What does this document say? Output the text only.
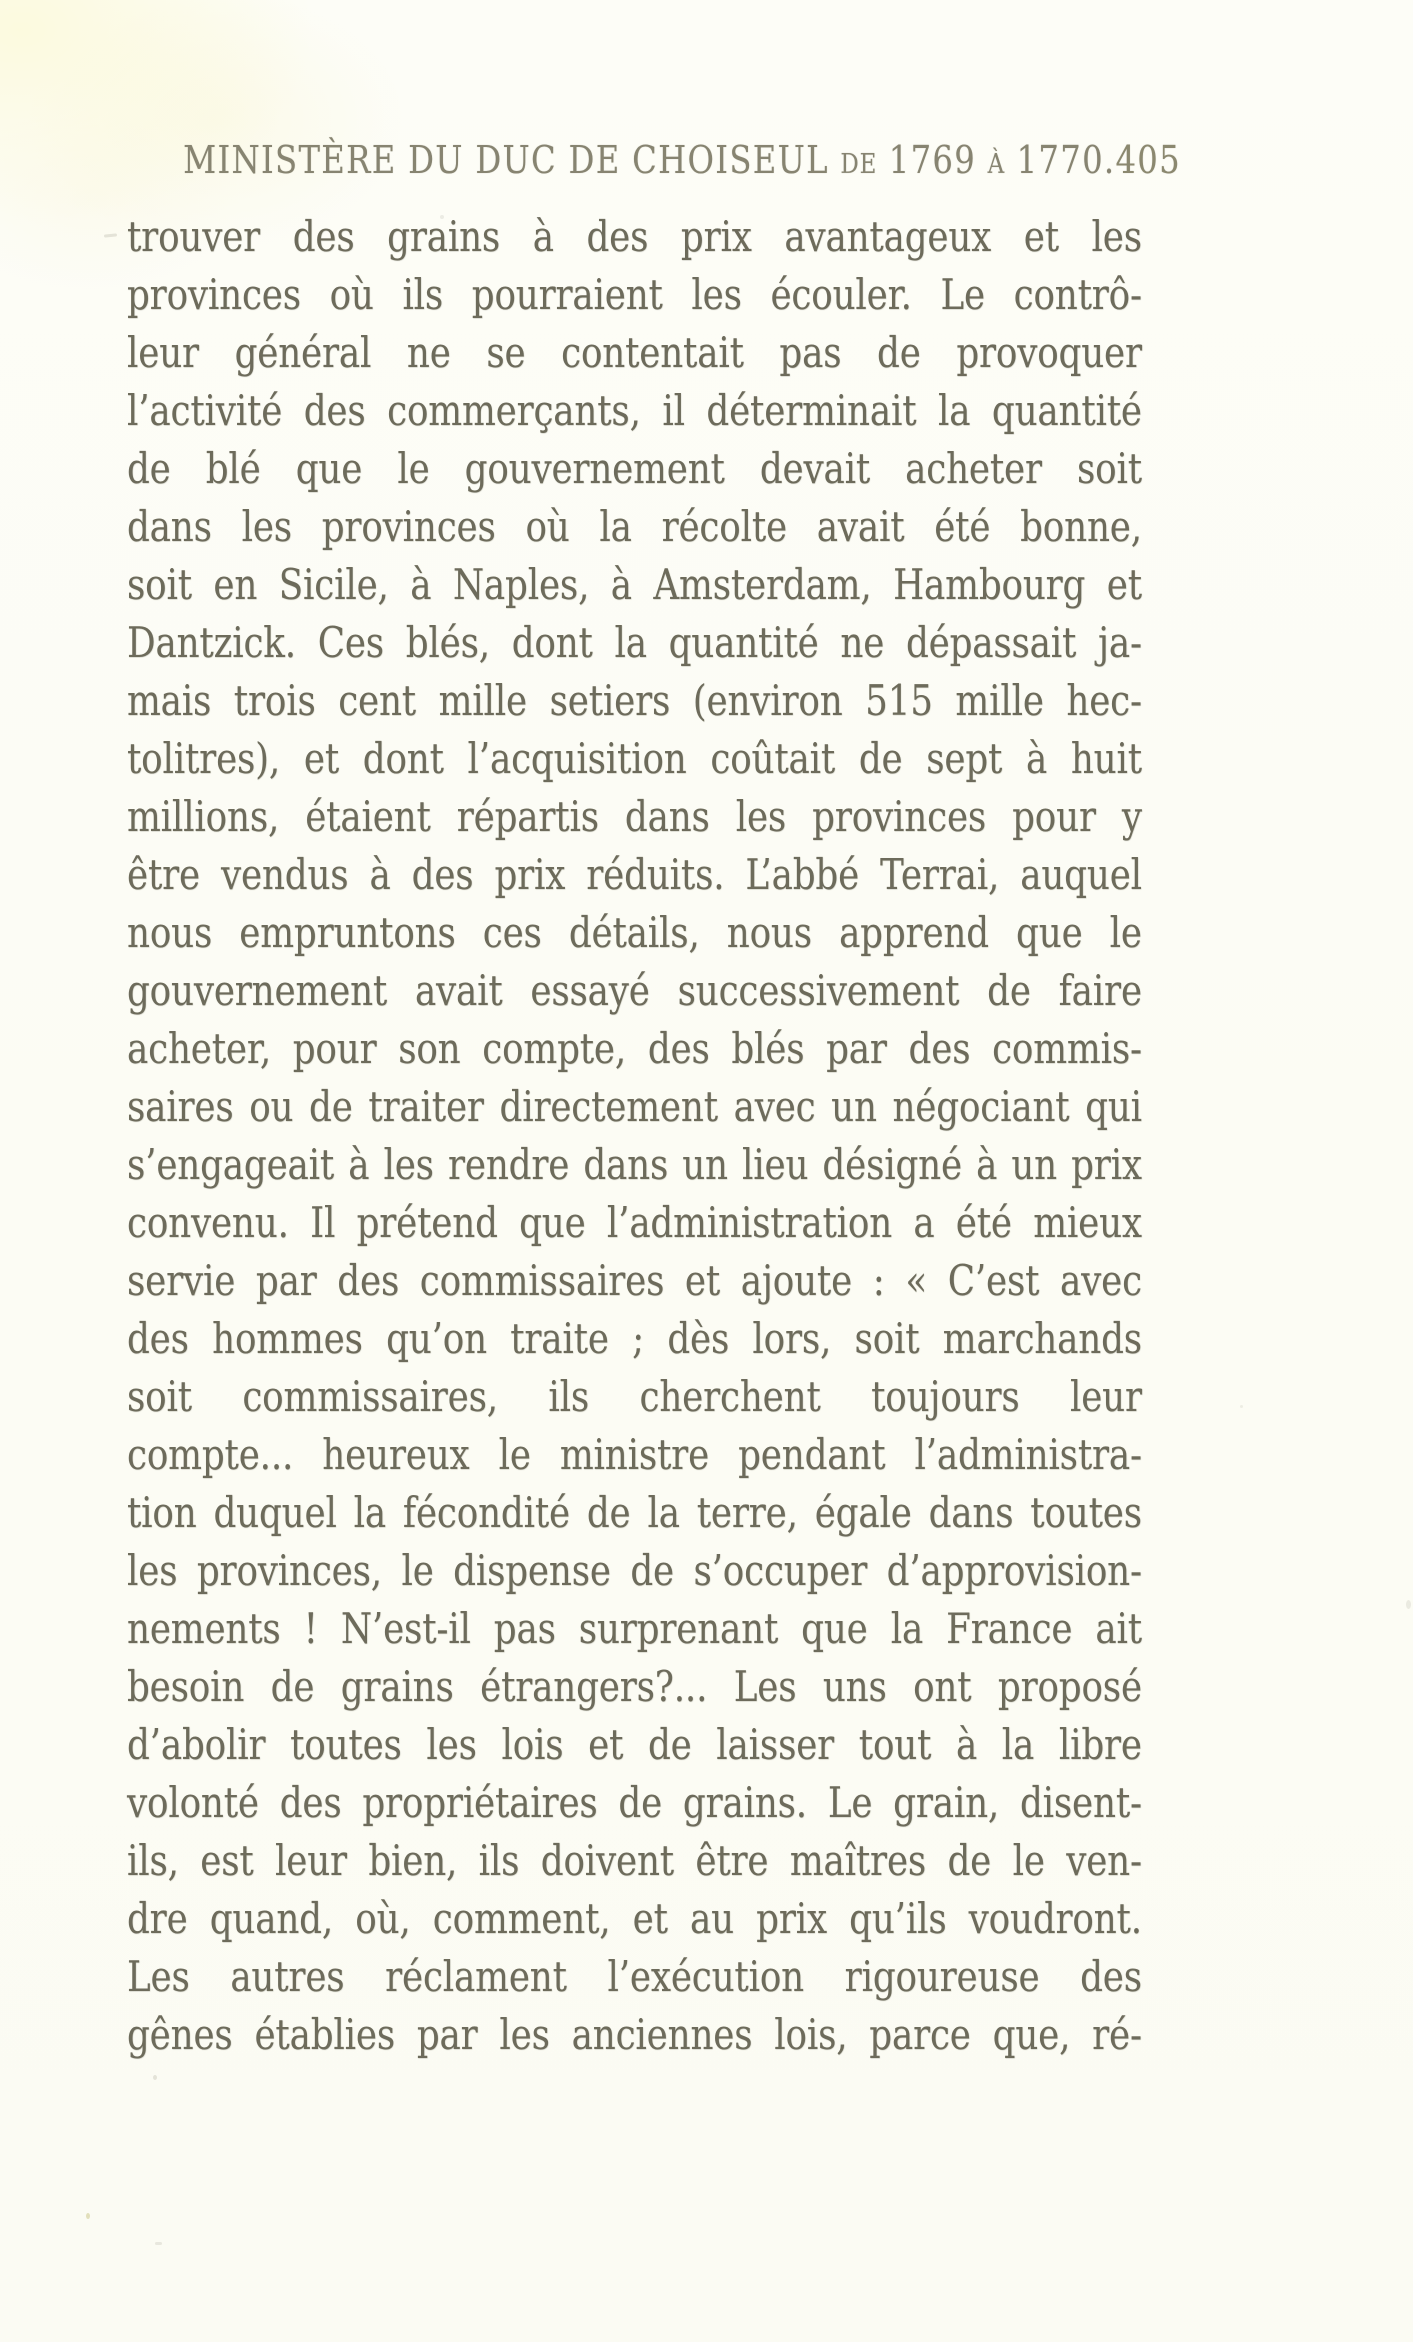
MINISTÈRE DU DUC DE CHOISEUL DE 1769 À 1770. 405
trouver des grains à des prix avantageux et les
provinces où ils pourraient les écouler. Le contrô-
leur général ne se contentait pas de provoquer
l’activité des commerçants, il déterminait la quantité
de blé que le gouvernement devait acheter soit
dans les provinces où la récolte avait été bonne,
soit en Sicile, à Naples, à Amsterdam, Hambourg et
Dantzick. Ces blés, dont la quantité ne dépassait ja-
mais trois cent mille setiers (environ 515 mille hec-
tolitres), et dont l’acquisition coûtait de sept à huit
millions, étaient répartis dans les provinces pour y
être vendus à des prix réduits. L’abbé Terrai, auquel
nous empruntons ces détails, nous apprend que le
gouvernement avait essayé successivement de faire
acheter, pour son compte, des blés par des commis-
saires ou de traiter directement avec un négociant qui
s’engageait à les rendre dans un lieu désigné à un prix
convenu. Il prétend que l’administration a été mieux
servie par des commissaires et ajoute : « C’est avec
des hommes qu’on traite ; dès lors, soit marchands
soit commissaires, ils cherchent toujours leur
compte... heureux le ministre pendant l’administra-
tion duquel la fécondité de la terre, égale dans toutes
les provinces, le dispense de s’occuper d’approvision-
nements ! N’est-il pas surprenant que la France ait
besoin de grains étrangers?... Les uns ont proposé
d’abolir toutes les lois et de laisser tout à la libre
volonté des propriétaires de grains. Le grain, disent-
ils, est leur bien, ils doivent être maîtres de le ven-
dre quand, où, comment, et au prix qu’ils voudront.
Les autres réclament l’exécution rigoureuse des
gênes établies par les anciennes lois, parce que, ré-
